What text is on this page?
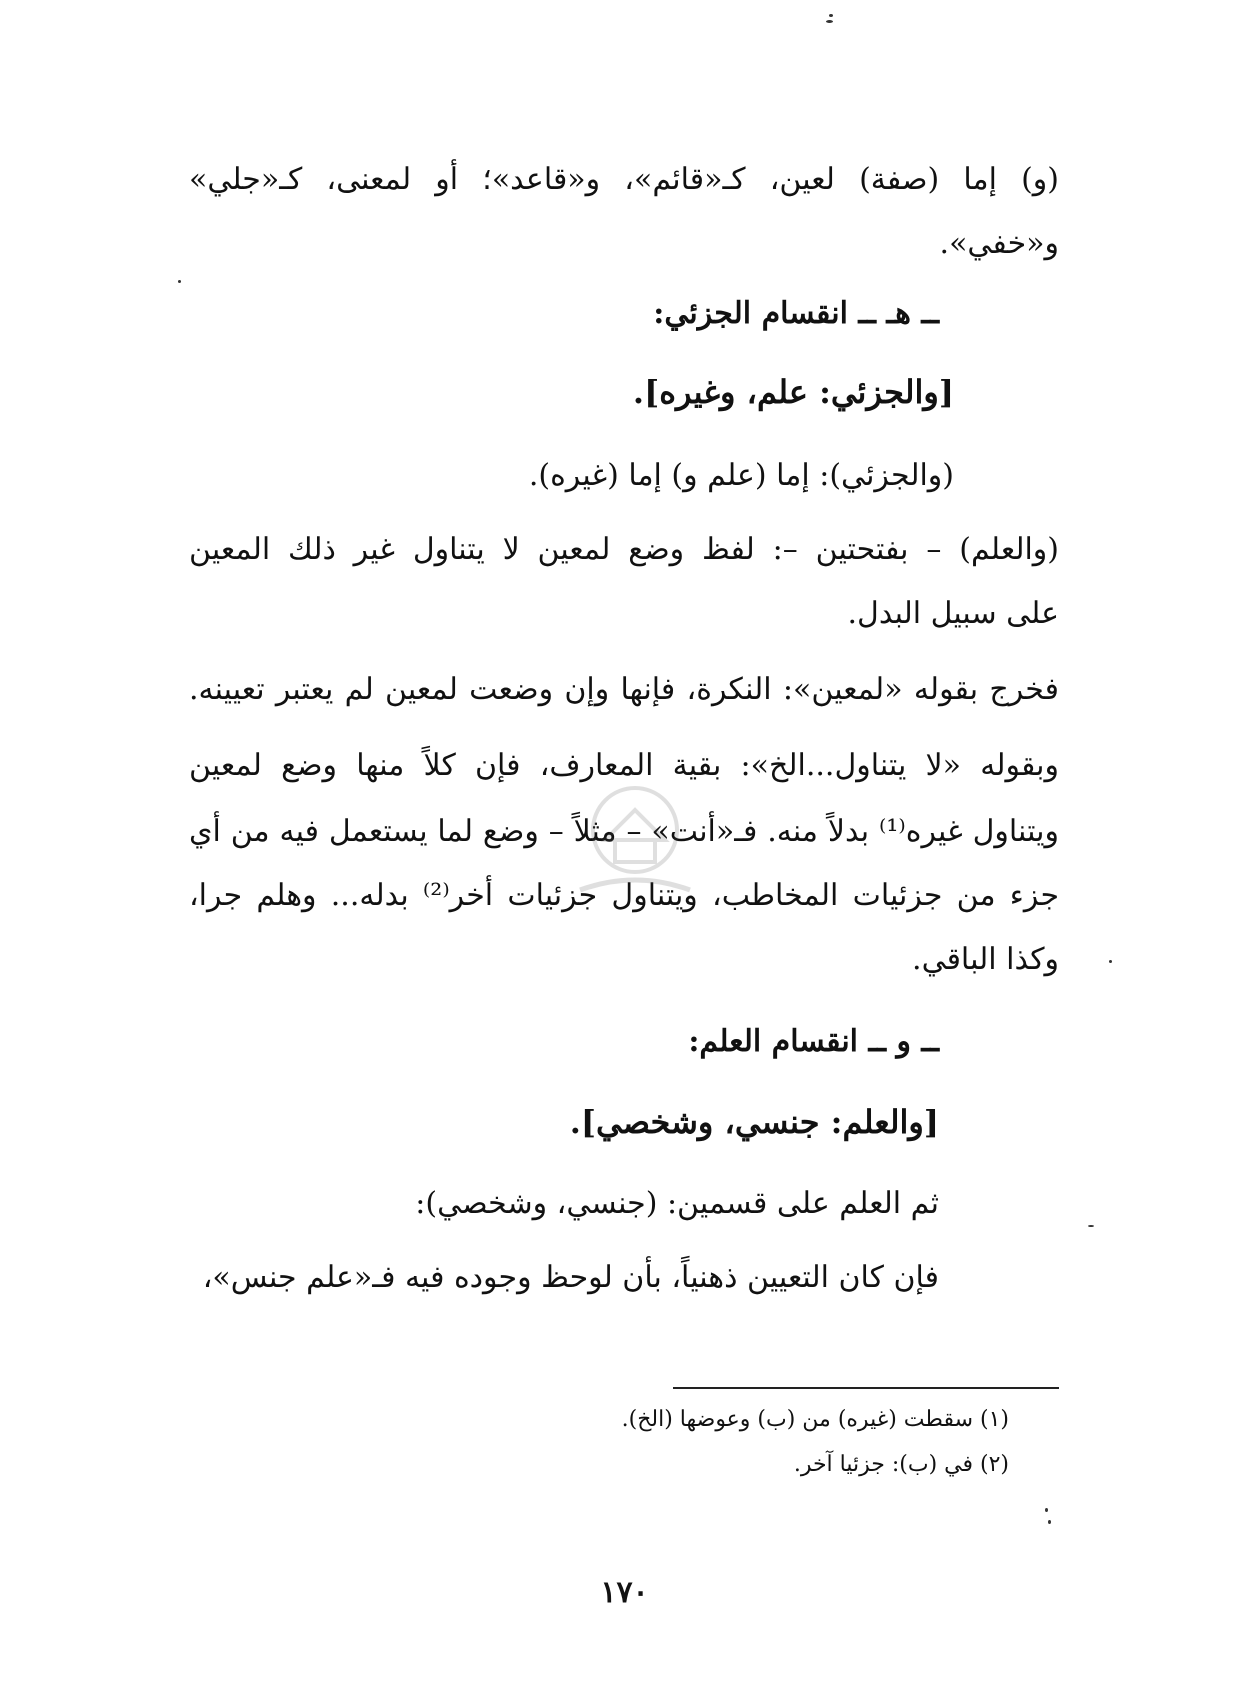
(و) إما (صفة) لعين، كـ«قائم»، و«قاعد»؛ أو لمعنى، كـ«جلي»
و«خفي».
ــ هـ ــ انقسام الجزئي:
[والجزئي: علم، وغيره].
(والجزئي): إما (علم و) إما (غيره).
(والعلم) – بفتحتين –: لفظ وضع لمعين لا يتناول غير ذلك المعين
على سبيل البدل.
فخرج بقوله «لمعين»: النكرة، فإنها وإن وضعت لمعين لم يعتبر تعيينه.
وبقوله «لا يتناول...الخ»: بقية المعارف، فإن كلاً منها وضع لمعين
ويتناول غيره⁽¹⁾ بدلاً منه. فـ«أنت» – مثلاً – وضع لما يستعمل فيه من أي
جزء من جزئيات المخاطب، ويتناول جزئيات أخر⁽²⁾ بدله... وهلم جرا،
وكذا الباقي.
ــ و ــ انقسام العلم:
[والعلم: جنسي، وشخصي].
ثم العلم على قسمين: (جنسي، وشخصي):
فإن كان التعيين ذهنياً، بأن لوحظ وجوده فيه فـ«علم جنس»،
(١) سقطت (غيره) من (ب) وعوضها (الخ).
(٢) في (ب): جزئيا آخر.
١٧٠
